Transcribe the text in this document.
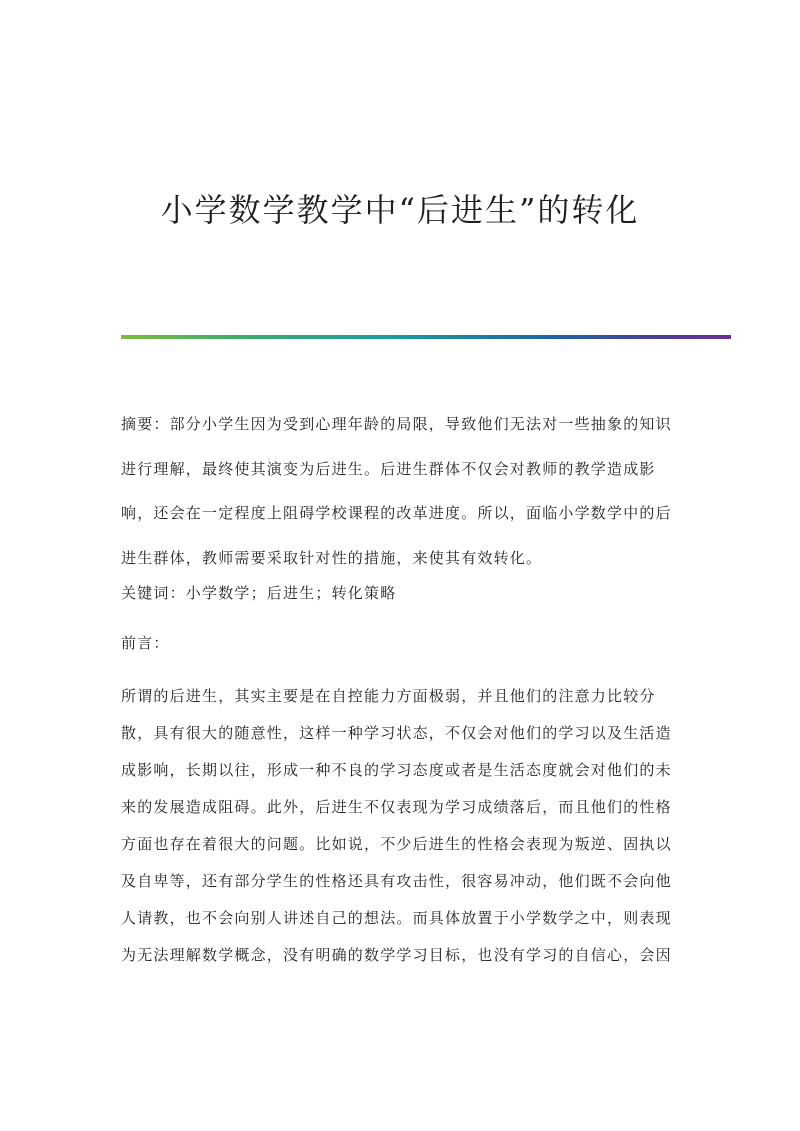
小学数学教学中“后进生”的转化

摘要：部分小学生因为受到心理年龄的局限，导致他们无法对一些抽象的知识进行理解，最终使其演变为后进生。后进生群体不仅会对教师的教学造成影响，还会在一定程度上阻碍学校课程的改革进度。所以，面临小学数学中的后进生群体，教师需要采取针对性的措施，来使其有效转化。

关键词：小学数学；后进生；转化策略

前言：

所谓的后进生，其实主要是在自控能力方面极弱，并且他们的注意力比较分散，具有很大的随意性，这样一种学习状态，不仅会对他们的学习以及生活造成影响，长期以往，形成一种不良的学习态度或者是生活态度就会对他们的未来的发展造成阻碍。此外，后进生不仅表现为学习成绩落后，而且他们的性格方面也存在着很大的问题。比如说，不少后进生的性格会表现为叛逆、固执以及自卑等，还有部分学生的性格还具有攻击性，很容易冲动，他们既不会向他人请教，也不会向别人讲述自己的想法。而具体放置于小学数学之中，则表现为无法理解数学概念，没有明确的数学学习目标，也没有学习的自信心，会因
